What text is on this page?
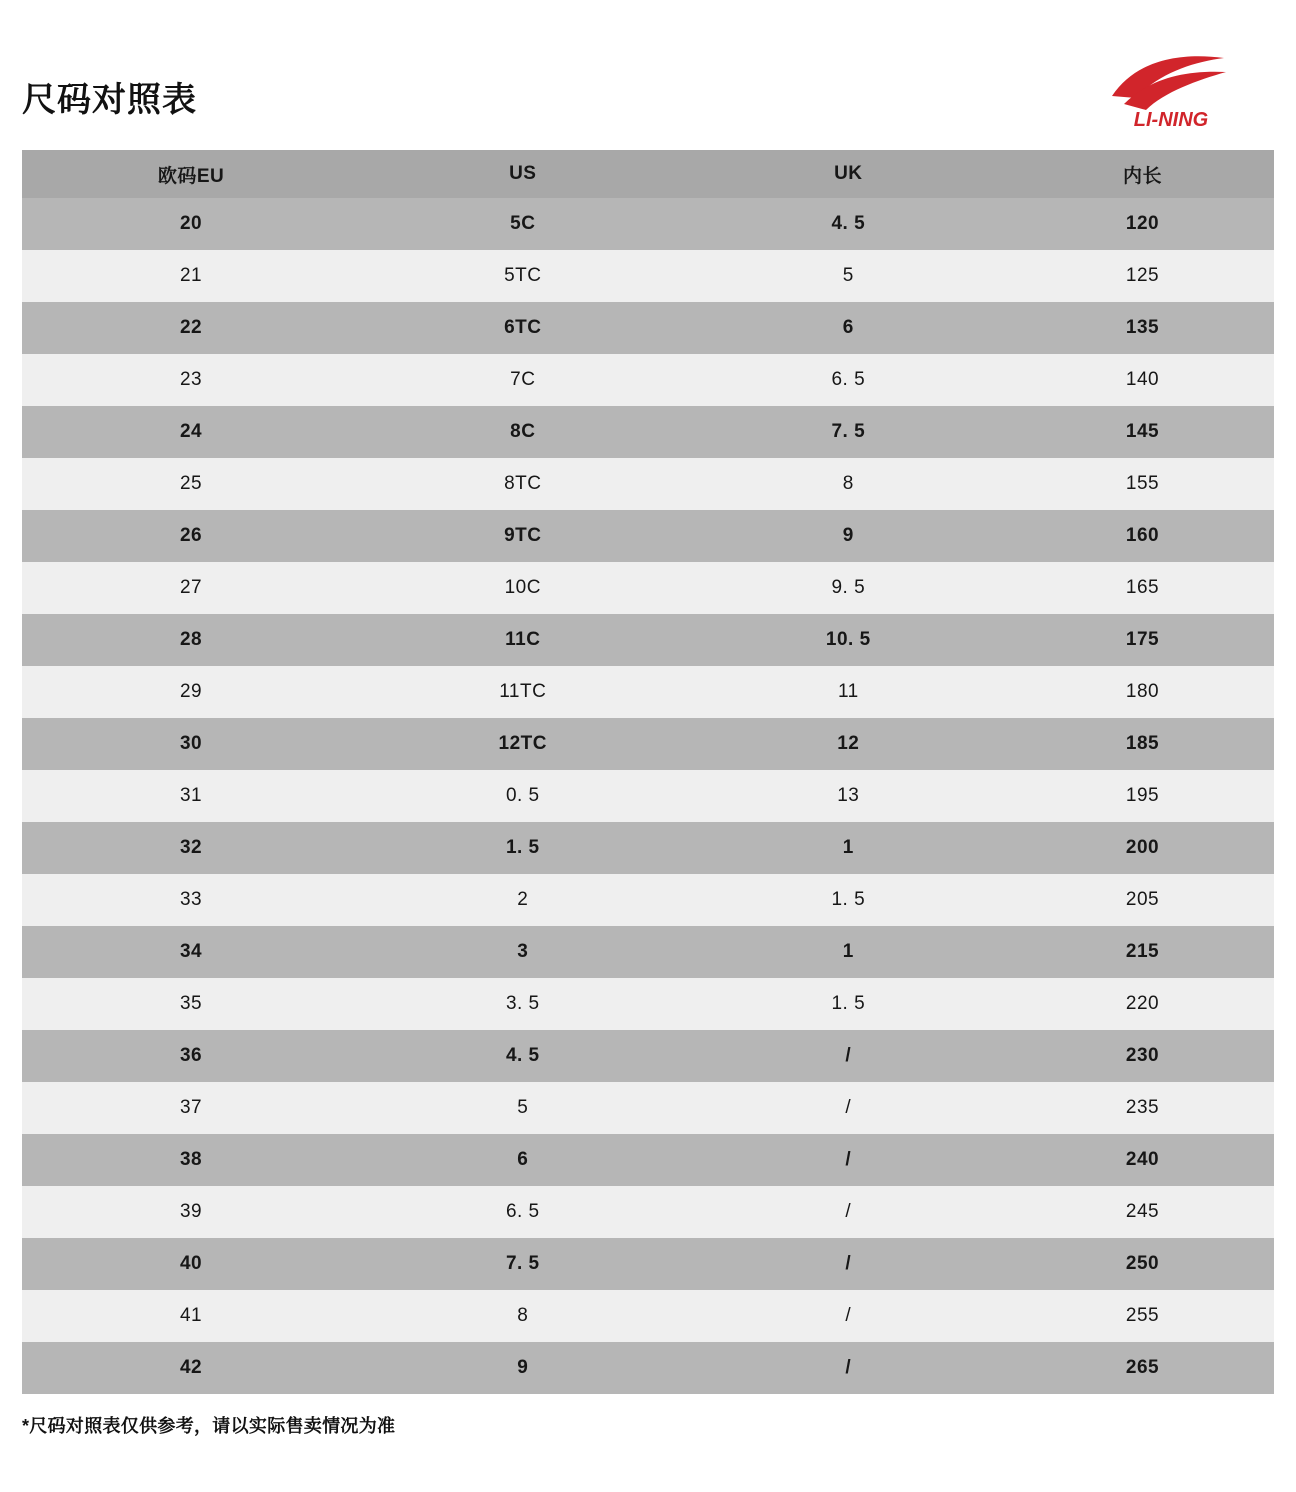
尺码对照表
LI-NING
欧码EU	US	UK	内长
20	5C	4. 5	120
21	5TC	5	125
22	6TC	6	135
23	7C	6. 5	140
24	8C	7. 5	145
25	8TC	8	155
26	9TC	9	160
27	10C	9. 5	165
28	11C	10. 5	175
29	11TC	11	180
30	12TC	12	185
31	0. 5	13	195
32	1. 5	1	200
33	2	1. 5	205
34	3	1	215
35	3. 5	1. 5	220
36	4. 5	/	230
37	5	/	235
38	6	/	240
39	6. 5	/	245
40	7. 5	/	250
41	8	/	255
42	9	/	265
*尺码对照表仅供参考，请以实际售卖情况为准
